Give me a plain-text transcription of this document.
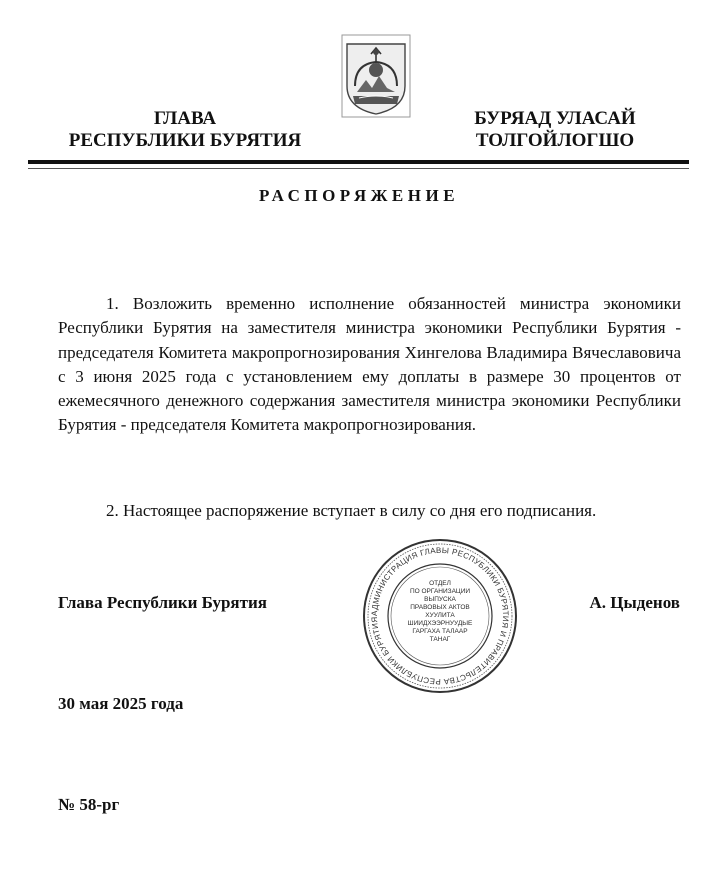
ГЛАВА
РЕСПУБЛИКИ БУРЯТИЯ
БУРЯАД УЛАСАЙ
ТОЛГОЙЛОГШО
РАСПОРЯЖЕНИЕ

1. Возложить временно исполнение обязанностей министра экономики Республики Бурятия на заместителя министра экономики Республики Бурятия - председателя Комитета макропрогнозирования Хингелова Владимира Вячеславовича с 3 июня 2025 года с установлением ему доплаты в размере 30 процентов от ежемесячного денежного содержания заместителя министра экономики Республики Бурятия - председателя Комитета макропрогнозирования.

2. Настоящее распоряжение вступает в силу со дня его подписания.

Глава Республики Бурятия	А. Цыденов
АДМИНИСТРАЦИЯ ГЛАВЫ РЕСПУБЛИКИ БУРЯТИЯ И ПРАВИТЕЛЬСТВА РЕСПУБЛИКИ БУРЯТИЯ
ОТДЕЛ
ПО ОРГАНИЗАЦИИ
ВЫПУСКА
ПРАВОВЫХ АКТОВ
ХУУЛИТА
ШИИДХЭЭРНУУДЫЕ
ГАРГАХА ТАЛААР
ТАНАГ
30 мая 2025 года
№ 58-рг
